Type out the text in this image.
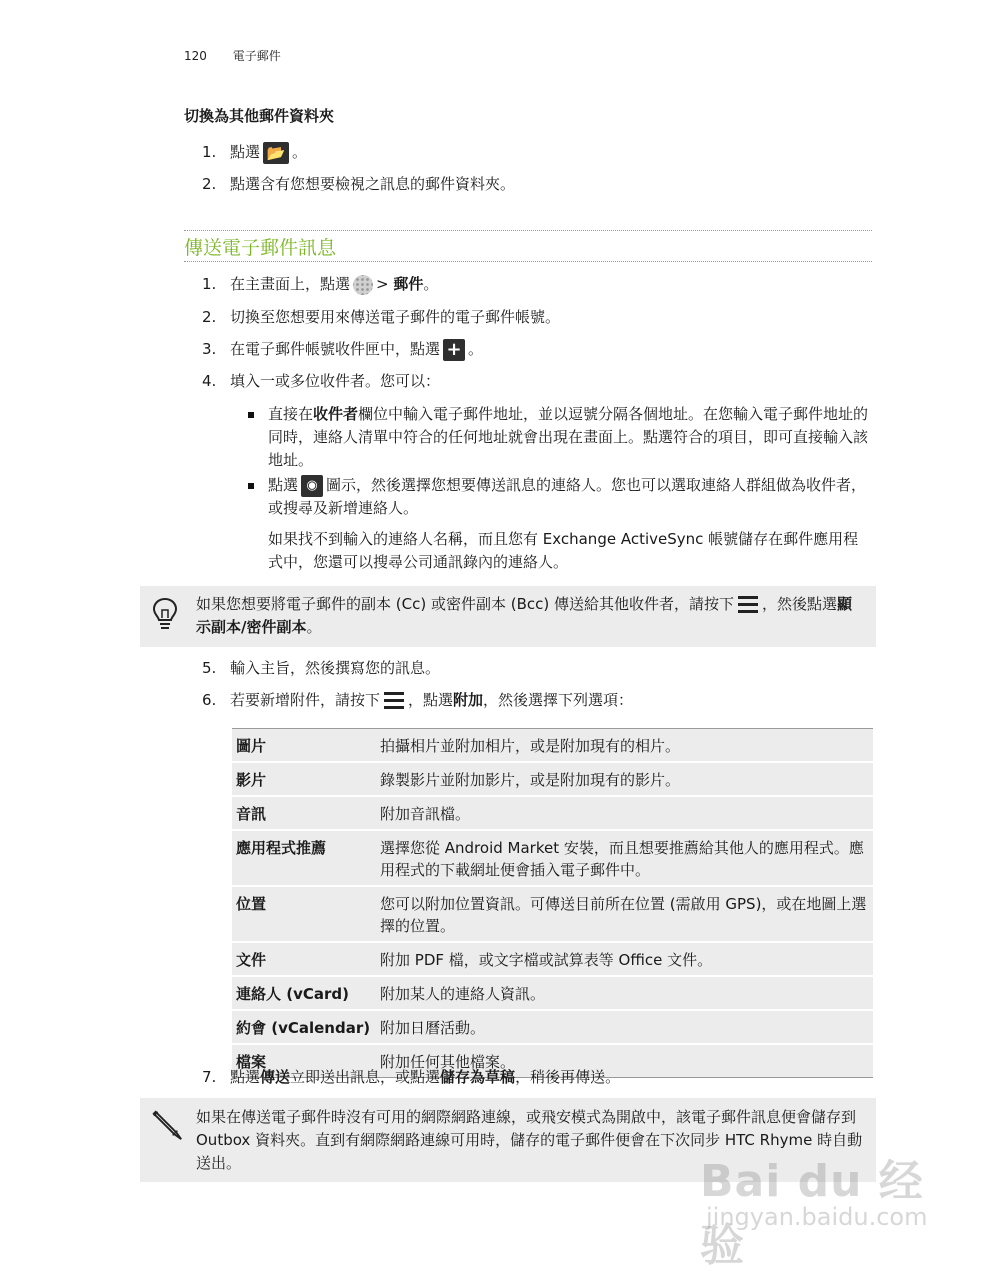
120 電子郵件
切換為其他郵件資料夾
1. 點選 📂 。
2. 點選含有您想要檢視之訊息的郵件資料夾。
傳送電子郵件訊息
1. 在主畫面上，點選 > 郵件。
2. 切換至您想要用來傳送電子郵件的電子郵件帳號。
3. 在電子郵件帳號收件匣中，點選 + 。
4. 填入一或多位收件者。您可以：
直接在收件者欄位中輸入電子郵件地址，並以逗號分隔各個地址。在您輸入電子郵件地址的同時，連絡人清單中符合的任何地址就會出現在畫面上。點選符合的項目，即可直接輸入該地址。
點選 ◉ 圖示，然後選擇您想要傳送訊息的連絡人。您也可以選取連絡人群組做為收件者，或搜尋及新增連絡人。
如果找不到輸入的連絡人名稱，而且您有 Exchange ActiveSync 帳號儲存在郵件應用程式中，您還可以搜尋公司通訊錄內的連絡人。
如果您想要將電子郵件的副本 (Cc) 或密件副本 (Bcc) 傳送給其他收件者，請按下 ，然後點選顯示副本/密件副本。
5. 輸入主旨，然後撰寫您的訊息。
6. 若要新增附件，請按下 ，點選附加，然後選擇下列選項：
圖片	拍攝相片並附加相片，或是附加現有的相片。
影片	錄製影片並附加影片，或是附加現有的影片。
音訊	附加音訊檔。
應用程式推薦	選擇您從 Android Market 安裝，而且想要推薦給其他人的應用程式。應用程式的下載網址便會插入電子郵件中。
位置	您可以附加位置資訊。可傳送目前所在位置 (需啟用 GPS)，或在地圖上選擇的位置。
文件	附加 PDF 檔，或文字檔或試算表等 Office 文件。
連絡人 (vCard)	附加某人的連絡人資訊。
約會 (vCalendar)	附加日曆活動。
檔案	附加任何其他檔案。
7. 點選傳送立即送出訊息，或點選儲存為草稿，稍後再傳送。
如果在傳送電子郵件時沒有可用的網際網路連線，或飛安模式為開啟中，該電子郵件訊息便會儲存到 Outbox 資料夾。直到有網際網路連線可用時，儲存的電子郵件便會在下次同步 HTC Rhyme 時自動送出。	Bai du 经验
jingyan.baidu.com
